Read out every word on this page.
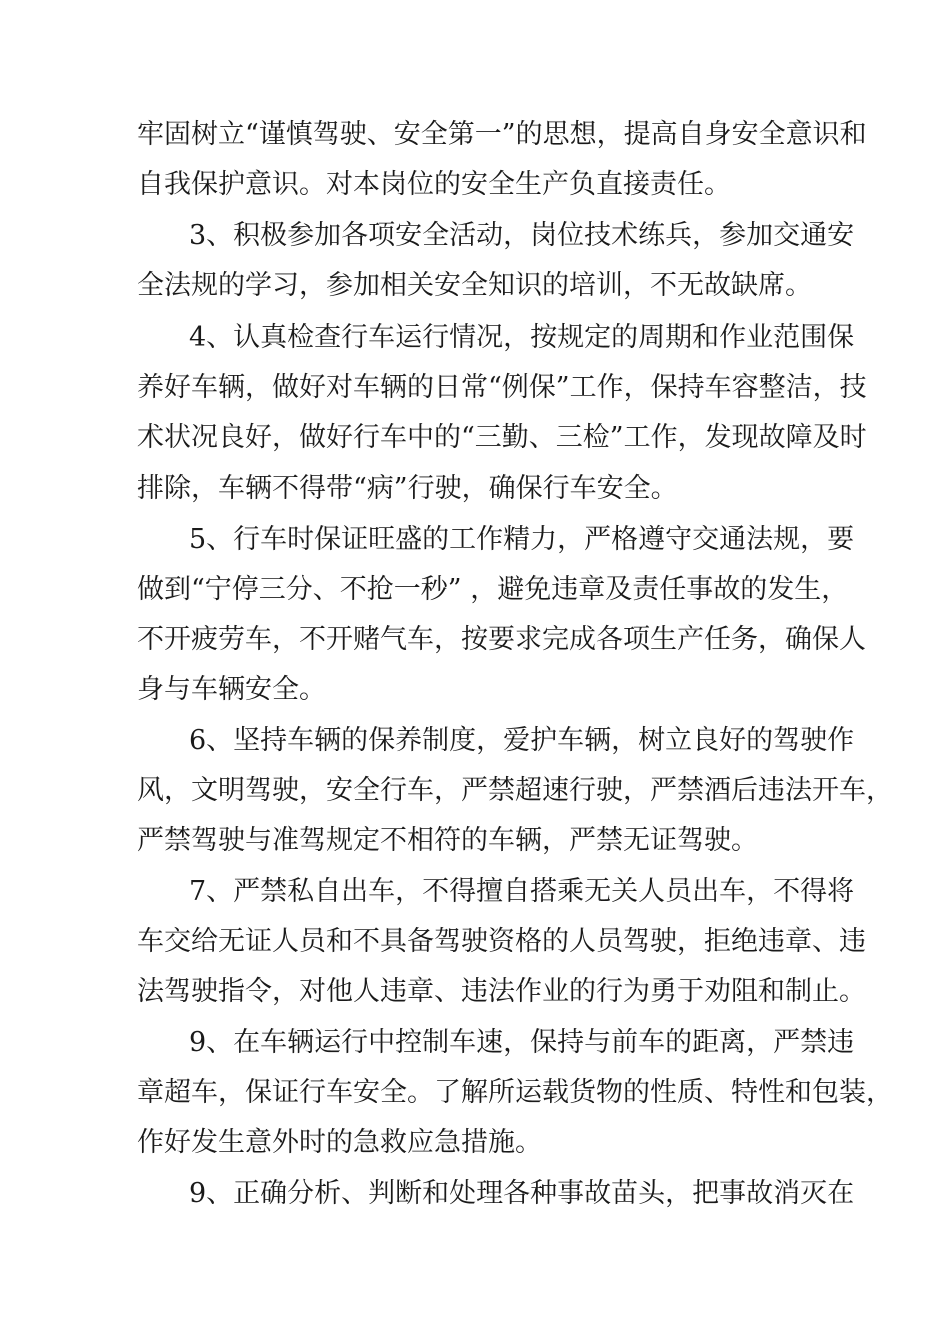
牢固树立“谨慎驾驶、安全第一”的思想，提高自身安全意识和

自我保护意识。对本岗位的安全生产负直接责任。

3、积极参加各项安全活动，岗位技术练兵，参加交通安

全法规的学习，参加相关安全知识的培训，不无故缺席。

4、认真检查行车运行情况，按规定的周期和作业范围保

养好车辆，做好对车辆的日常“例保”工作，保持车容整洁，技

术状况良好，做好行车中的“三勤、三检”工作，发现故障及时

排除，车辆不得带“病”行驶，确保行车安全。

5、行车时保证旺盛的工作精力，严格遵守交通法规，要

做到“宁停三分、不抢一秒” ，避免违章及责任事故的发生，

不开疲劳车，不开赌气车，按要求完成各项生产任务，确保人

身与车辆安全。

6、坚持车辆的保养制度，爱护车辆，树立良好的驾驶作

风，文明驾驶，安全行车，严禁超速行驶，严禁酒后违法开车，

严禁驾驶与准驾规定不相符的车辆，严禁无证驾驶。

7、严禁私自出车，不得擅自搭乘无关人员出车，不得将

车交给无证人员和不具备驾驶资格的人员驾驶，拒绝违章、违

法驾驶指令，对他人违章、违法作业的行为勇于劝阻和制止。

9、在车辆运行中控制车速，保持与前车的距离，严禁违

章超车，保证行车安全。了解所运载货物的性质、特性和包装，

作好发生意外时的急救应急措施。

9、正确分析、判断和处理各种事故苗头，把事故消灭在
